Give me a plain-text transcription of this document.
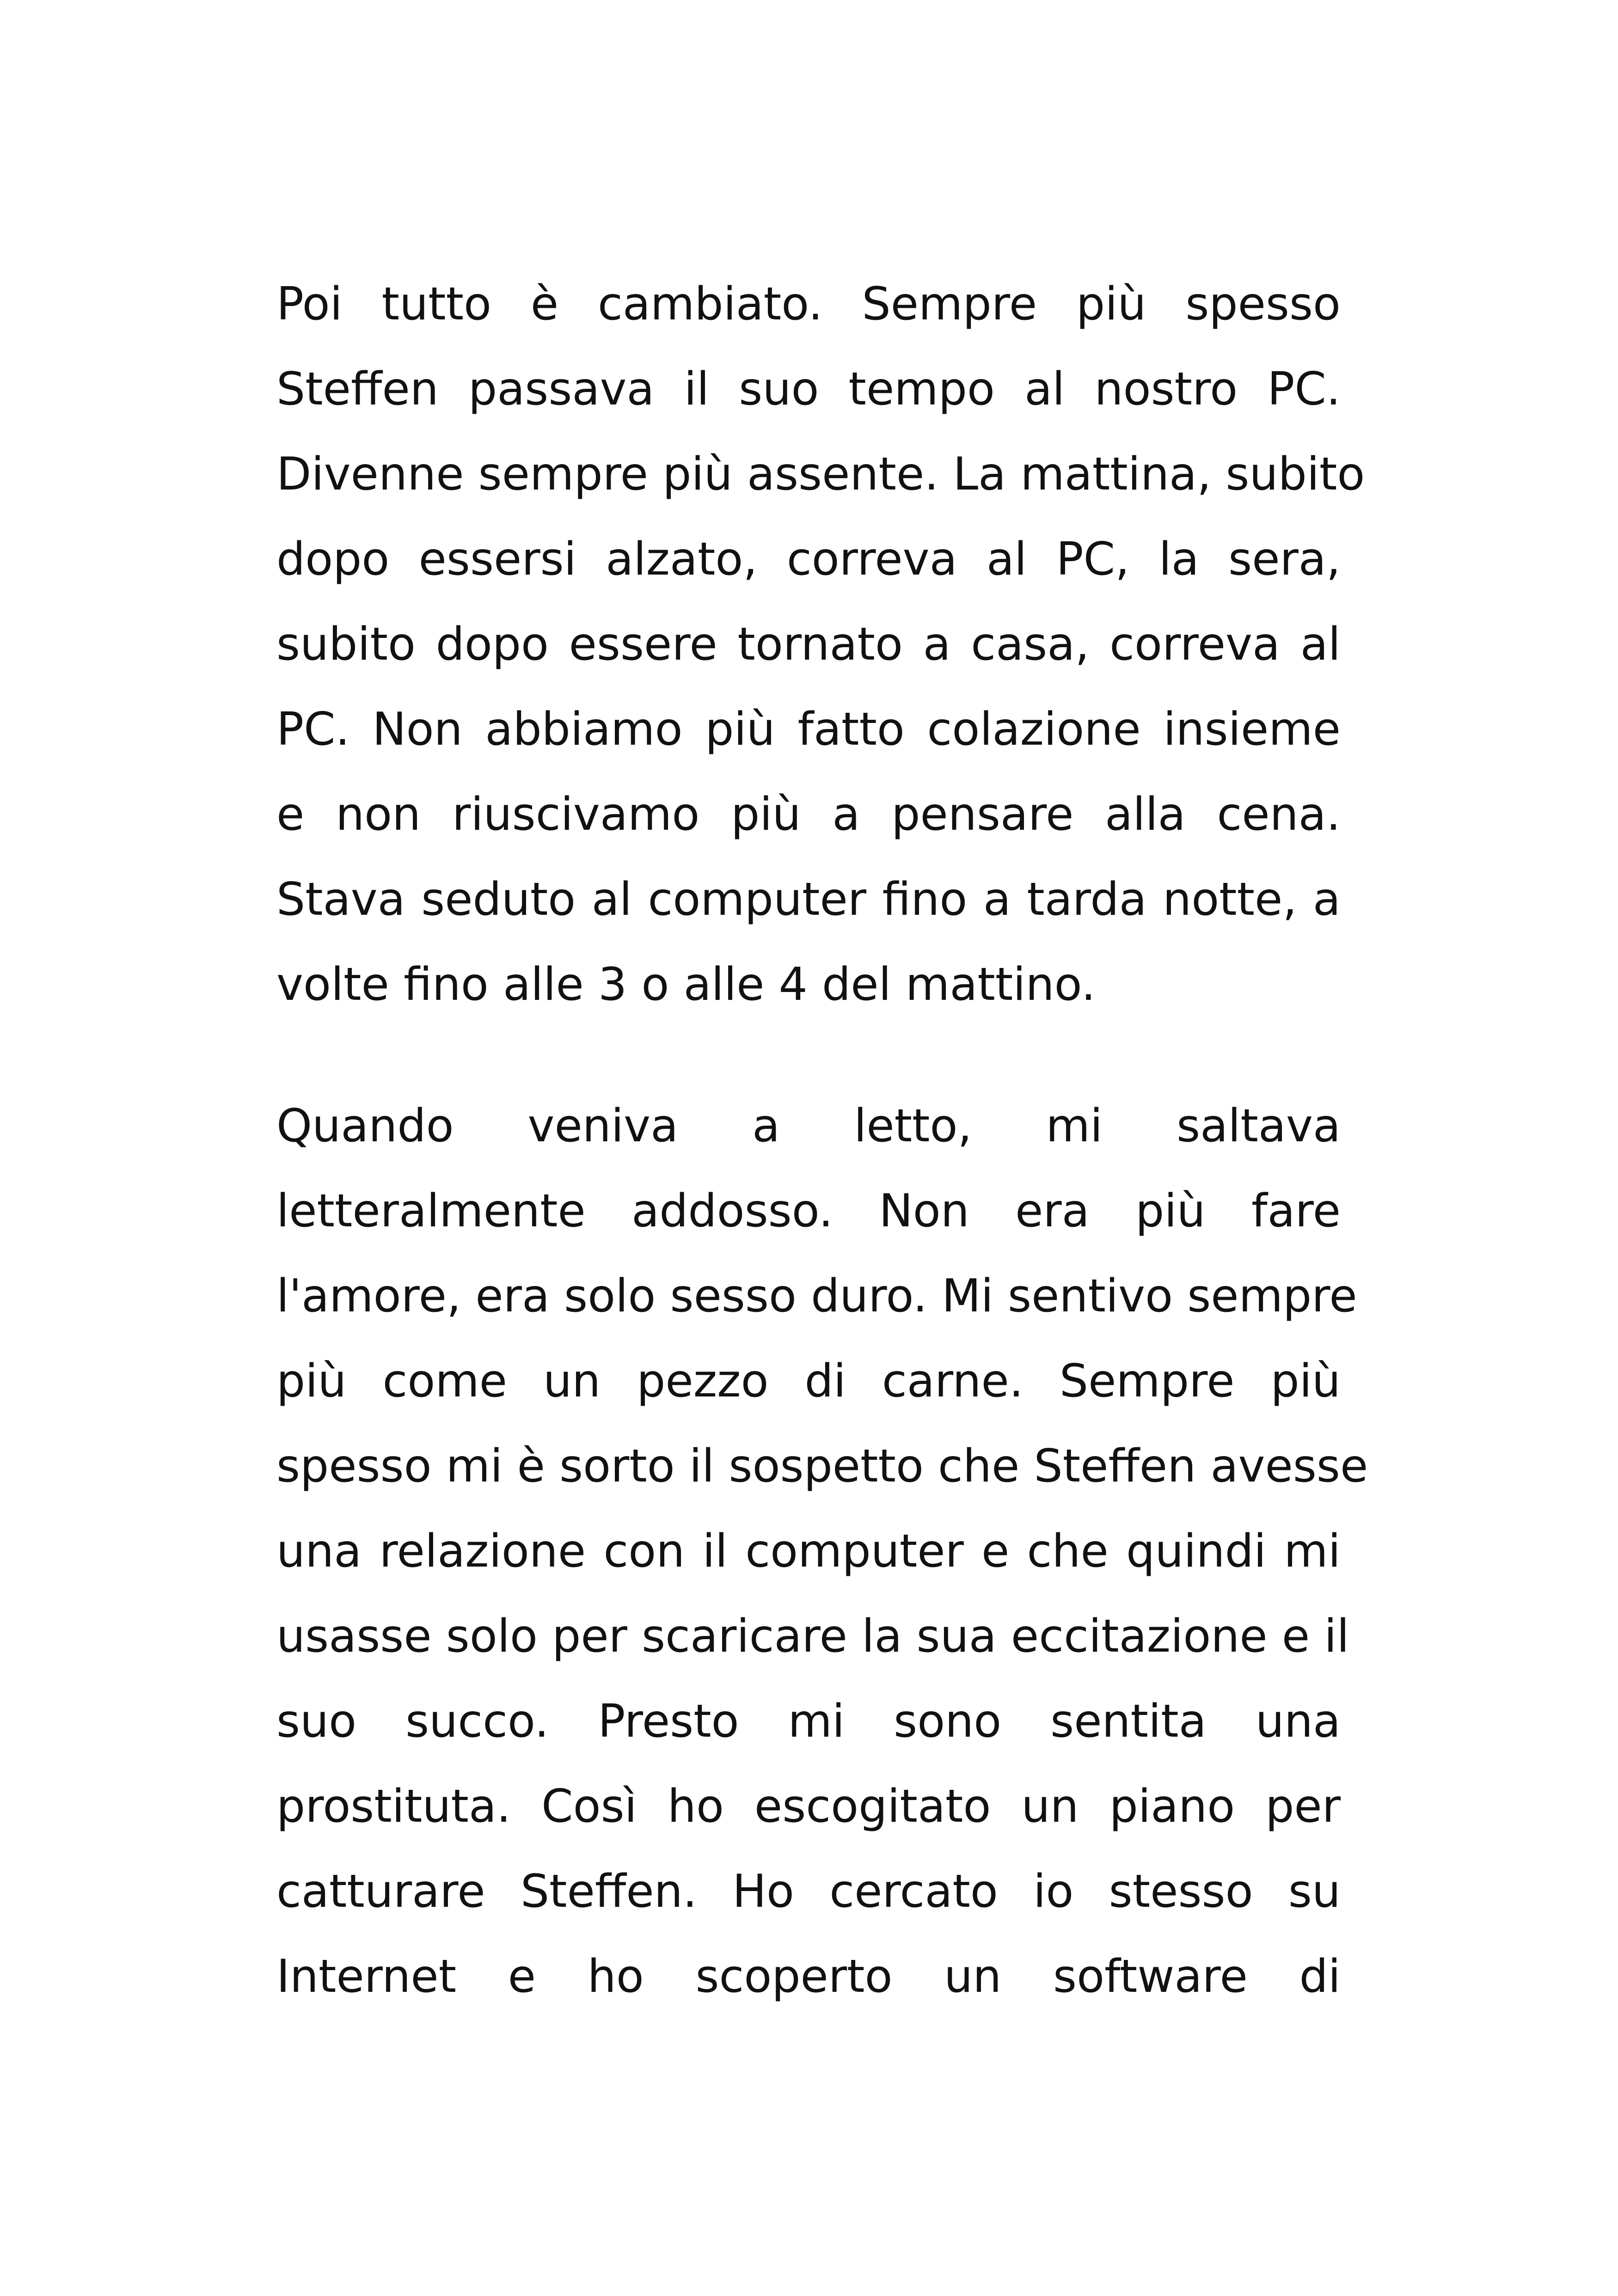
Poi tutto è cambiato. Sempre più spesso
Steffen passava il suo tempo al nostro PC.
Divenne sempre più assente. La mattina, subito
dopo essersi alzato, correva al PC, la sera,
subito dopo essere tornato a casa, correva al
PC. Non abbiamo più fatto colazione insieme
e non riuscivamo più a pensare alla cena.
Stava seduto al computer fino a tarda notte, a
volte fino alle 3 o alle 4 del mattino.
Quando veniva a letto, mi saltava
letteralmente addosso. Non era più fare
l'amore, era solo sesso duro. Mi sentivo sempre
più come un pezzo di carne. Sempre più
spesso mi è sorto il sospetto che Steffen avesse
una relazione con il computer e che quindi mi
usasse solo per scaricare la sua eccitazione e il
suo succo. Presto mi sono sentita una
prostituta. Così ho escogitato un piano per
catturare Steffen. Ho cercato io stesso su
Internet e ho scoperto un software di
